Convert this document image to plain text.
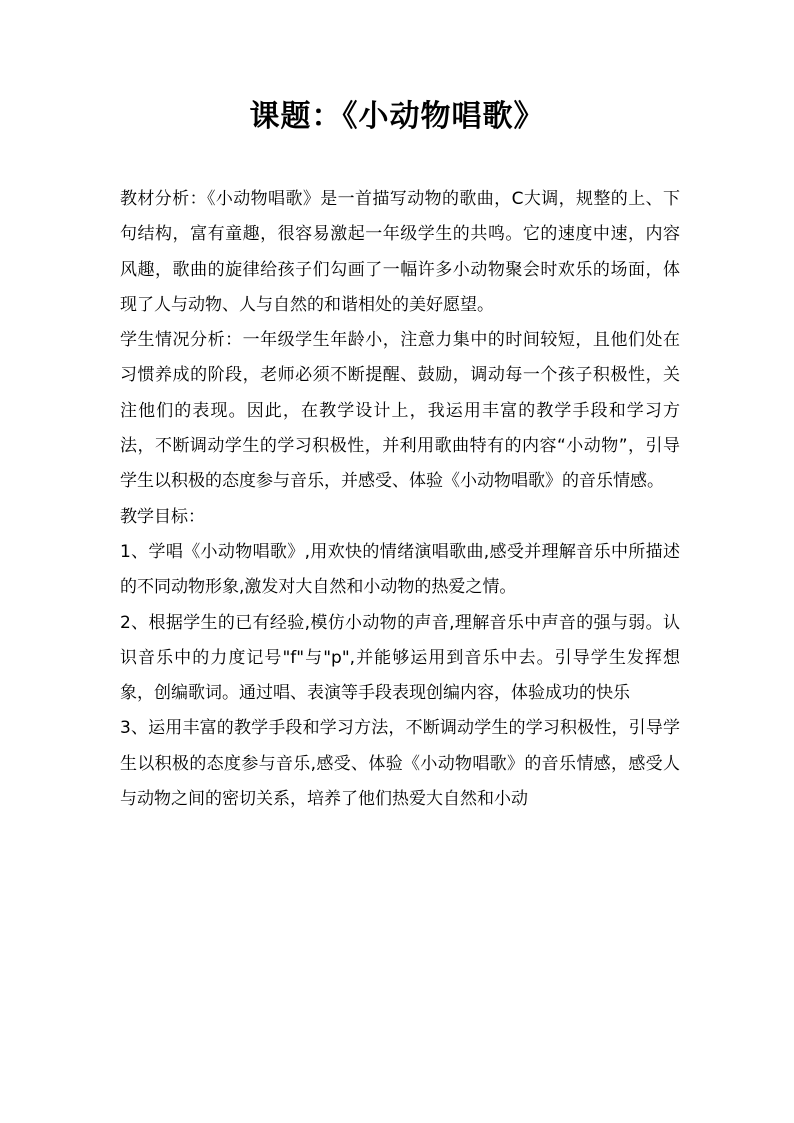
课题：《小动物唱歌》

教材分析：《小动物唱歌》是一首描写动物的歌曲，C大调，规整的上、下句结构，富有童趣，很容易激起一年级学生的共鸣。它的速度中速，内容风趣，歌曲的旋律给孩子们勾画了一幅许多小动物聚会时欢乐的场面，体现了人与动物、人与自然的和谐相处的美好愿望。

学生情况分析：一年级学生年龄小，注意力集中的时间较短，且他们处在习惯养成的阶段，老师必须不断提醒、鼓励，调动每一个孩子积极性，关注他们的表现。因此，在教学设计上，我运用丰富的教学手段和学习方法，不断调动学生的学习积极性，并利用歌曲特有的内容“小动物”，引导学生以积极的态度参与音乐，并感受、体验《小动物唱歌》的音乐情感。

教学目标：

1、学唱《小动物唱歌》,用欢快的情绪演唱歌曲,感受并理解音乐中所描述的不同动物形象,激发对大自然和小动物的热爱之情。

2、根据学生的已有经验,模仿小动物的声音,理解音乐中声音的强与弱。认识音乐中的力度记号"f"与"p",并能够运用到音乐中去。引导学生发挥想象，创编歌词。通过唱、表演等手段表现创编内容，体验成功的快乐

3、运用丰富的教学手段和学习方法，不断调动学生的学习积极性，引导学生以积极的态度参与音乐,感受、体验《小动物唱歌》的音乐情感，感受人与动物之间的密切关系，培养了他们热爱大自然和小动
